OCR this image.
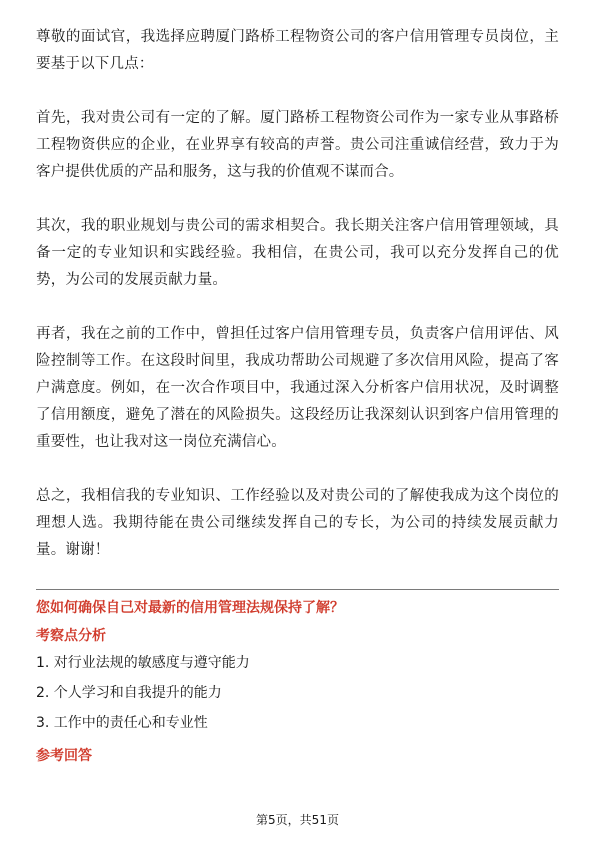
尊敬的面试官，我选择应聘厦门路桥工程物资公司的客户信用管理专员岗位，主要基于以下几点：

首先，我对贵公司有一定的了解。厦门路桥工程物资公司作为一家专业从事路桥工程物资供应的企业，在业界享有较高的声誉。贵公司注重诚信经营，致力于为客户提供优质的产品和服务，这与我的价值观不谋而合。

其次，我的职业规划与贵公司的需求相契合。我长期关注客户信用管理领域，具备一定的专业知识和实践经验。我相信，在贵公司，我可以充分发挥自己的优势，为公司的发展贡献力量。

再者，我在之前的工作中，曾担任过客户信用管理专员，负责客户信用评估、风险控制等工作。在这段时间里，我成功帮助公司规避了多次信用风险，提高了客户满意度。例如，在一次合作项目中，我通过深入分析客户信用状况，及时调整了信用额度，避免了潜在的风险损失。这段经历让我深刻认识到客户信用管理的重要性，也让我对这一岗位充满信心。

总之，我相信我的专业知识、工作经验以及对贵公司的了解使我成为这个岗位的理想人选。我期待能在贵公司继续发挥自己的专长，为公司的持续发展贡献力量。谢谢！

您如何确保自己对最新的信用管理法规保持了解？
考察点分析
1. 对行业法规的敏感度与遵守能力
2. 个人学习和自我提升的能力
3. 工作中的责任心和专业性
参考回答
第5页，共51页
